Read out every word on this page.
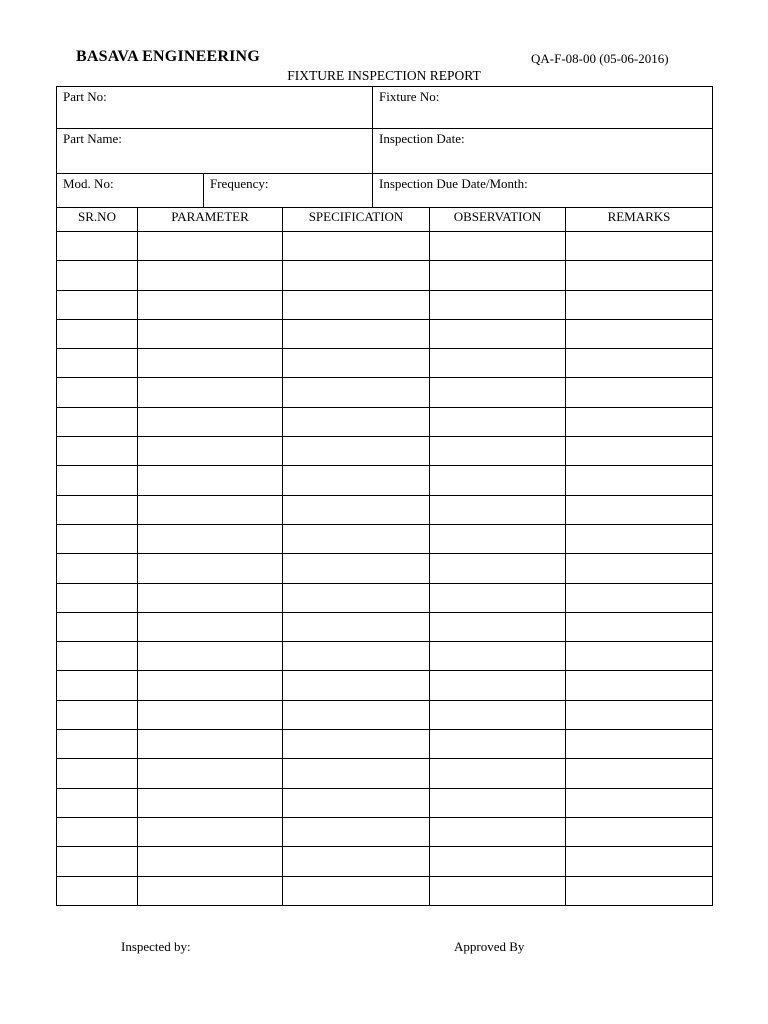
BASAVA ENGINEERING	QA-F-08-00 (05-06-2016)
FIXTURE INSPECTION REPORT
Part No:		Fixture No:
Part Name:		Inspection Date:
Mod. No:	Frequency:	Inspection Due Date/Month:
SR.NO	PARAMETER	SPECIFICATION	OBSERVATION	REMARKS

Inspected by:	Approved By
